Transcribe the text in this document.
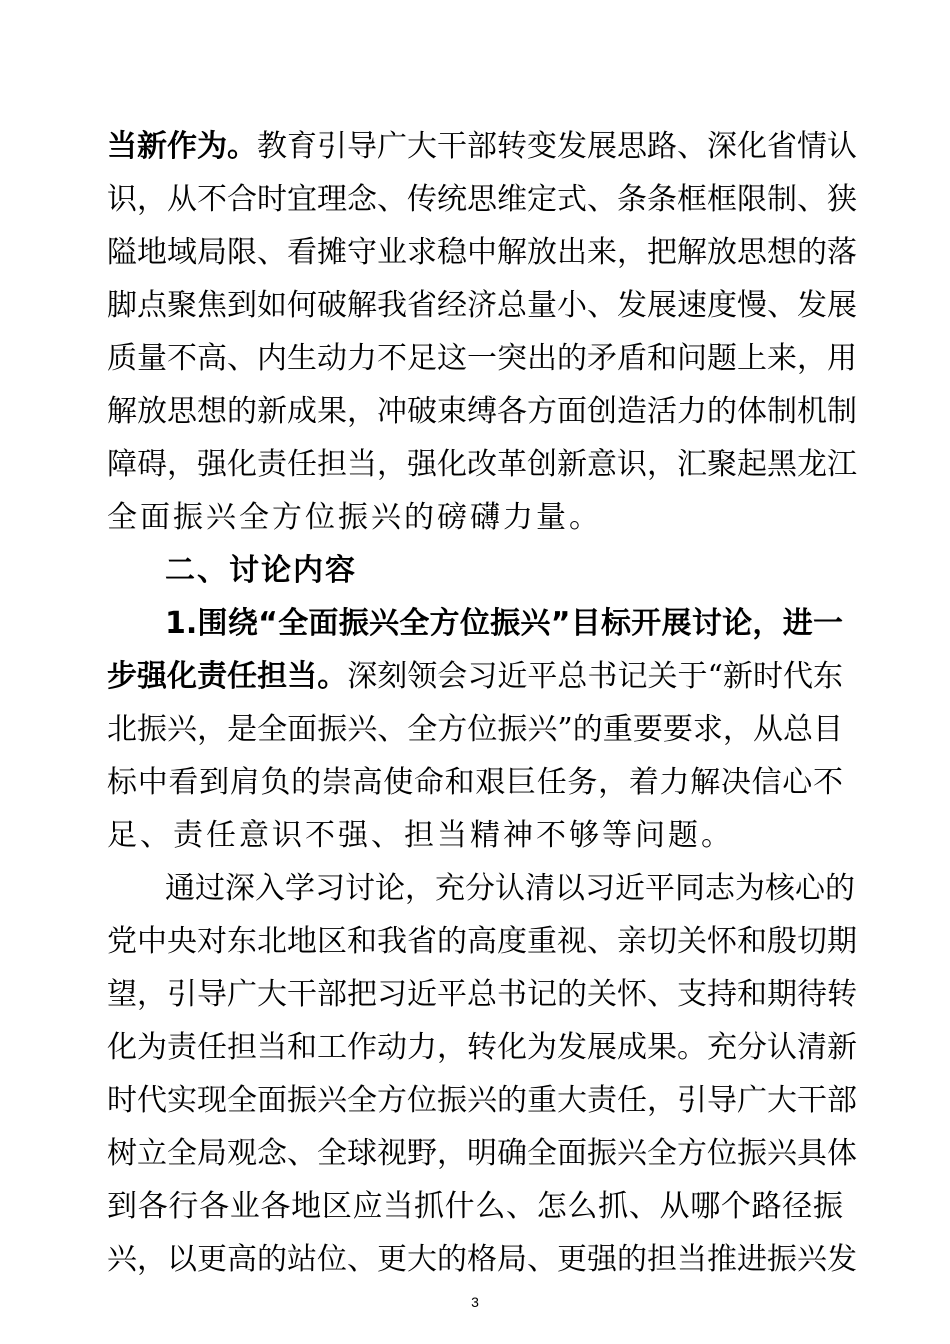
当新作为。教育引导广大干部转变发展思路、深化省情认
识，从不合时宜理念、传统思维定式、条条框框限制、狭
隘地域局限、看摊守业求稳中解放出来，把解放思想的落
脚点聚焦到如何破解我省经济总量小、发展速度慢、发展
质量不高、内生动力不足这一突出的矛盾和问题上来，用
解放思想的新成果，冲破束缚各方面创造活力的体制机制
障碍，强化责任担当，强化改革创新意识，汇聚起黑龙江
全面振兴全方位振兴的磅礴力量。
二、讨论内容
1.围绕“全面振兴全方位振兴”目标开展讨论，进一
步强化责任担当。深刻领会习近平总书记关于“新时代东
北振兴，是全面振兴、全方位振兴”的重要要求，从总目
标中看到肩负的崇高使命和艰巨任务，着力解决信心不
足、责任意识不强、担当精神不够等问题。
通过深入学习讨论，充分认清以习近平同志为核心的
党中央对东北地区和我省的高度重视、亲切关怀和殷切期
望，引导广大干部把习近平总书记的关怀、支持和期待转
化为责任担当和工作动力，转化为发展成果。充分认清新
时代实现全面振兴全方位振兴的重大责任，引导广大干部
树立全局观念、全球视野，明确全面振兴全方位振兴具体
到各行各业各地区应当抓什么、怎么抓、从哪个路径振
兴，以更高的站位、更大的格局、更强的担当推进振兴发
3
